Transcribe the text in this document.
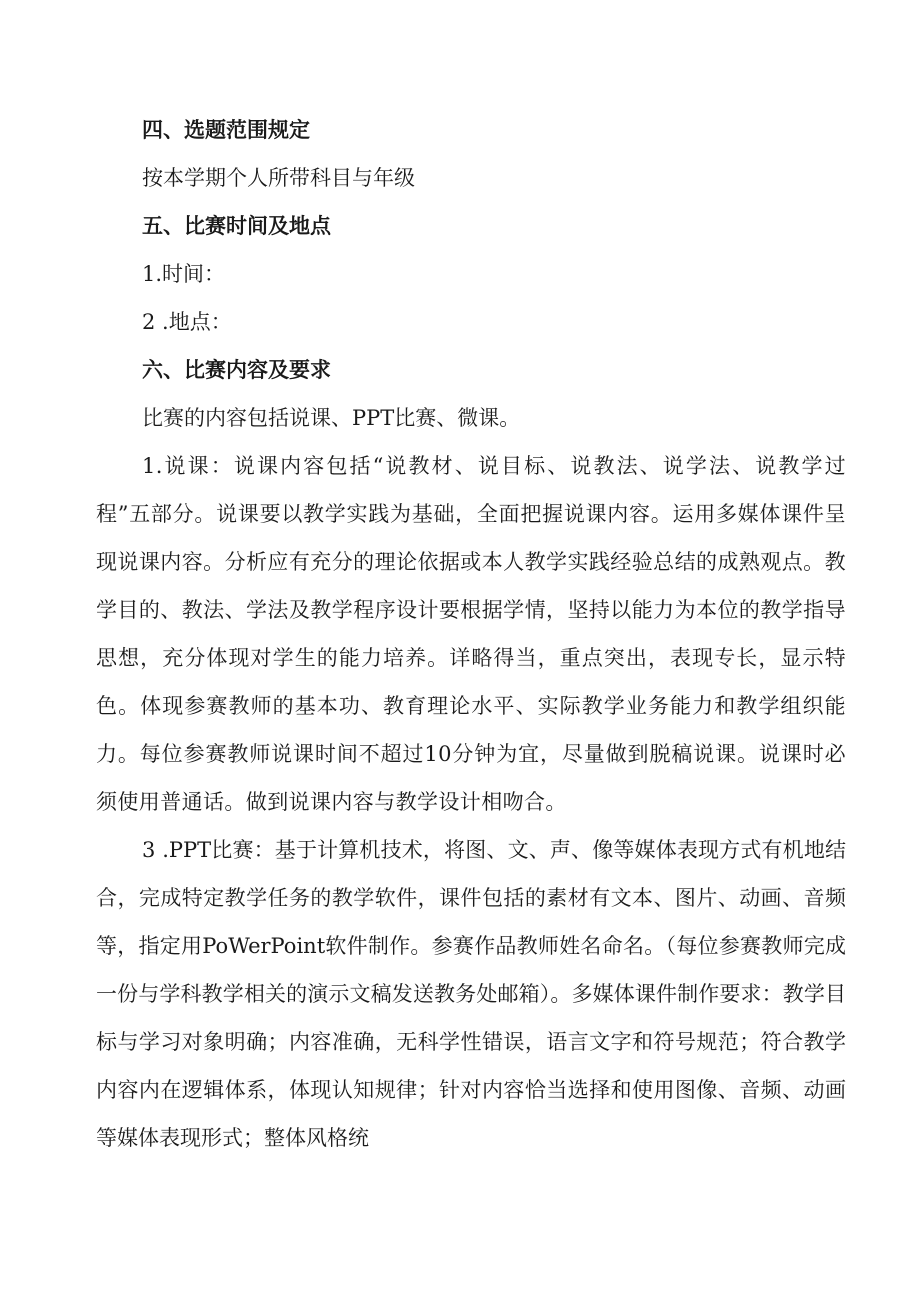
四、选题范围规定
按本学期个人所带科目与年级
五、比赛时间及地点
1.时间：
2 .地点：
六、比赛内容及要求
比赛的内容包括说课、PPT比赛、微课。

1.说课：说课内容包括“说教材、说目标、说教法、说学法、说教学过程”五部分。说课要以教学实践为基础，全面把握说课内容。运用多媒体课件呈现说课内容。分析应有充分的理论依据或本人教学实践经验总结的成熟观点。教学目的、教法、学法及教学程序设计要根据学情，坚持以能力为本位的教学指导思想，充分体现对学生的能力培养。详略得当，重点突出，表现专长，显示特色。体现参赛教师的基本功、教育理论水平、实际教学业务能力和教学组织能力。每位参赛教师说课时间不超过10分钟为宜，尽量做到脱稿说课。说课时必须使用普通话。做到说课内容与教学设计相吻合。

3 .PPT比赛：基于计算机技术，将图、文、声、像等媒体表现方式有机地结合，完成特定教学任务的教学软件，课件包括的素材有文本、图片、动画、音频等，指定用PoWerPoint软件制作。参赛作品教师姓名命名。（每位参赛教师完成一份与学科教学相关的演示文稿发送教务处邮箱）。多媒体课件制作要求：教学目标与学习对象明确；内容准确，无科学性错误，语言文字和符号规范；符合教学内容内在逻辑体系，体现认知规律；针对内容恰当选择和使用图像、音频、动画等媒体表现形式；整体风格统
